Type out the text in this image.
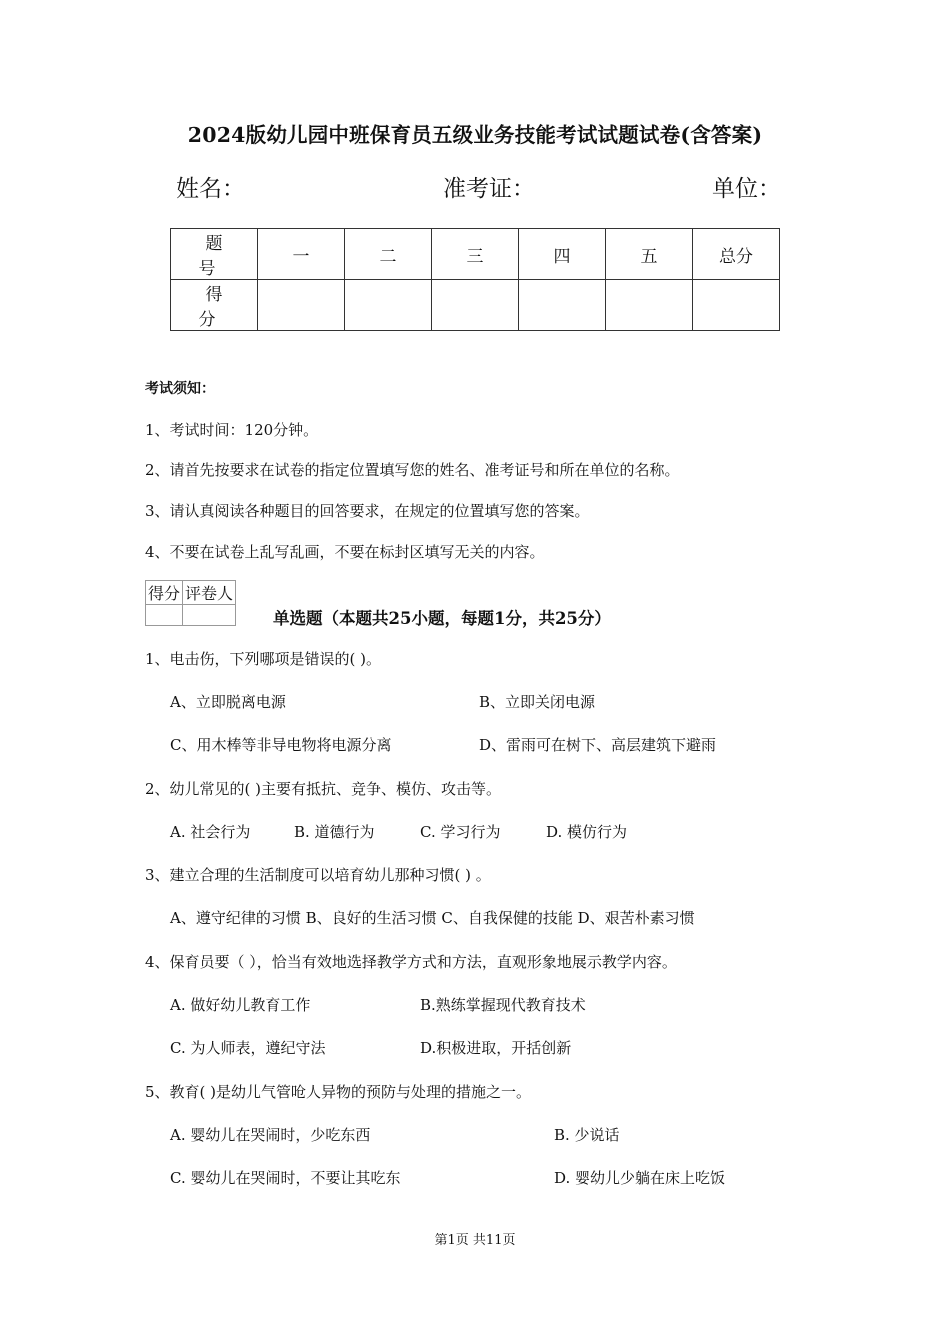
2024版幼儿园中班保育员五级业务技能考试试题试卷(含答案)
姓名：	准考证：	单位：
题 号	一	二	三	四	五	总分
得 分						
考试须知：
1、考试时间：120分钟。
2、请首先按要求在试卷的指定位置填写您的姓名、准考证号和所在单位的名称。
3、请认真阅读各种题目的回答要求，在规定的位置填写您的答案。
4、不要在试卷上乱写乱画，不要在标封区填写无关的内容。
得分	评卷人

单选题（本题共25小题，每题1分，共25分）
1、电击伤，下列哪项是错误的( )。
A、立即脱离电源	B、立即关闭电源
C、用木棒等非导电物将电源分离	D、雷雨可在树下、高层建筑下避雨
2、幼儿常见的( )主要有抵抗、竞争、模仿、攻击等。
A. 社会行为	B. 道德行为	C. 学习行为	D. 模仿行为
3、建立合理的生活制度可以培育幼儿那种习惯( ) 。
A、遵守纪律的习惯 B、良好的生活习惯 C、自我保健的技能 D、艰苦朴素习惯
4、保育员要（ ），恰当有效地选择教学方式和方法，直观形象地展示教学内容。
A. 做好幼儿教育工作	B.熟练掌握现代教育技术
C. 为人师表，遵纪守法	D.积极进取，开括创新
5、教育( )是幼儿气管呛人异物的预防与处理的措施之一。
A. 婴幼儿在哭闹时，少吃东西	B. 少说话
C. 婴幼儿在哭闹时，不要让其吃东	D. 婴幼儿少躺在床上吃饭
第1页 共11页
